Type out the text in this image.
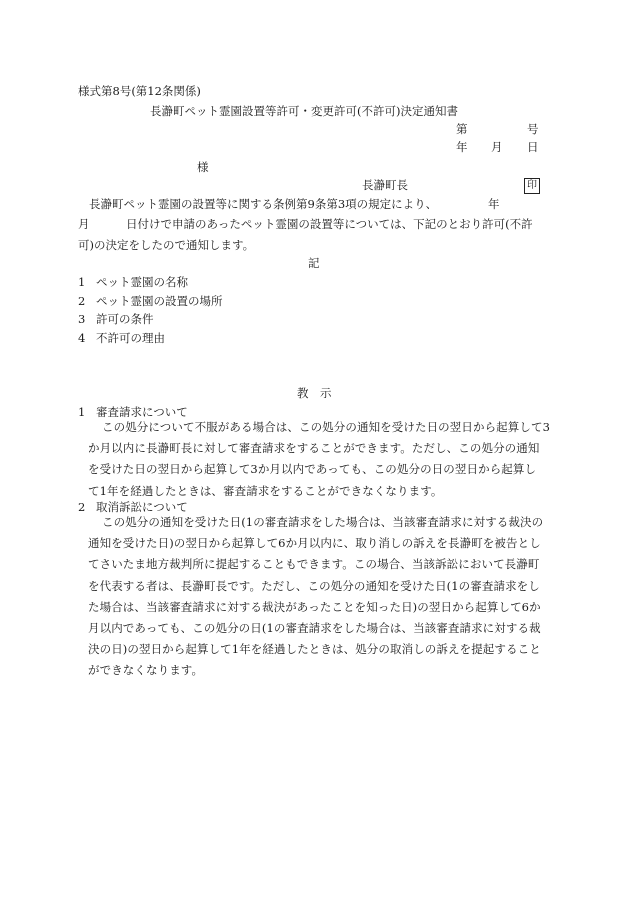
様式第8号(第12条関係)
長瀞町ペット霊園設置等許可・変更許可(不許可)決定通知書
第	号
年 月 日
様
長瀞町長	印
長瀞町ペット霊園の設置等に関する条例第9条第3項の規定により、	年
月	日付けで申請のあったペット霊園の設置等については、下記のとおり許可(不許
可)の決定をしたので通知します。
記
1 ペット霊園の名称
2 ペット霊園の設置の場所
3 許可の条件
4 不許可の理由
教　示
1 審査請求について
この処分について不服がある場合は、この処分の通知を受けた日の翌日から起算して3
か月以内に長瀞町長に対して審査請求をすることができます。ただし、この処分の通知
を受けた日の翌日から起算して3か月以内であっても、この処分の日の翌日から起算し
て1年を経過したときは、審査請求をすることができなくなります。
2 取消訴訟について
この処分の通知を受けた日(1の審査請求をした場合は、当該審査請求に対する裁決の
通知を受けた日)の翌日から起算して6か月以内に、取り消しの訴えを長瀞町を被告とし
てさいたま地方裁判所に提起することもできます。この場合、当該訴訟において長瀞町
を代表する者は、長瀞町長です。ただし、この処分の通知を受けた日(1の審査請求をし
た場合は、当該審査請求に対する裁決があったことを知った日)の翌日から起算して6か
月以内であっても、この処分の日(1の審査請求をした場合は、当該審査請求に対する裁
決の日)の翌日から起算して1年を経過したときは、処分の取消しの訴えを提起すること
ができなくなります。
